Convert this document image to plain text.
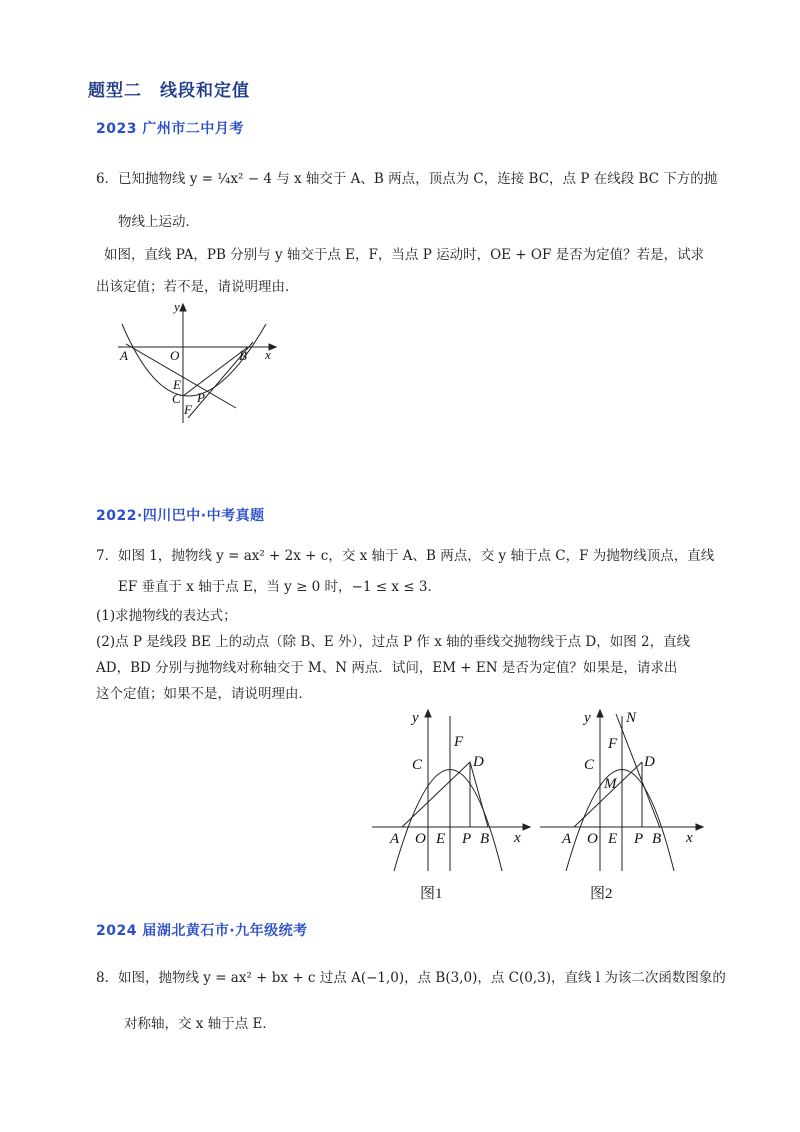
题型二　线段和定值
2023 广州市二中月考
6． 已知抛物线 y = ¼x² − 4 与 x 轴交于 A、B 两点，顶点为 C，连接 BC，点 P 在线段 BC 下方的抛
物线上运动．
如图，直线 PA，PB 分别与 y 轴交于点 E，F，当点 P 运动时，OE + OF 是否为定值？若是，试求
出该定值；若不是，请说明理由．
y
x
A	O	B
E
C P
F
2022·四川巴中·中考真题
7． 如图 1，抛物线 y = ax² + 2x + c，交 x 轴于 A、B 两点，交 y 轴于点 C，F 为抛物线顶点，直线
EF 垂直于 x 轴于点 E，当 y ≥ 0 时，−1 ≤ x ≤ 3．
(1)求抛物线的表达式；
(2)点 P 是线段 BE 上的动点（除 B、E 外），过点 P 作 x 轴的垂线交抛物线于点 D，如图 2，直线
AD，BD 分别与抛物线对称轴交于 M、N 两点．试问，EM + EN 是否为定值？如果是，请求出
这个定值；如果不是，请说明理由．
y
x
A O E P B
C
F
D
图1
y
x
A O E P B
C
F
D
M
N
图2
2024 届湖北黄石市·九年级统考
8． 如图，抛物线 y = ax² + bx + c 过点 A(−1,0)，点 B(3,0)，点 C(0,3)，直线 l 为该二次函数图象的
对称轴，交 x 轴于点 E．
